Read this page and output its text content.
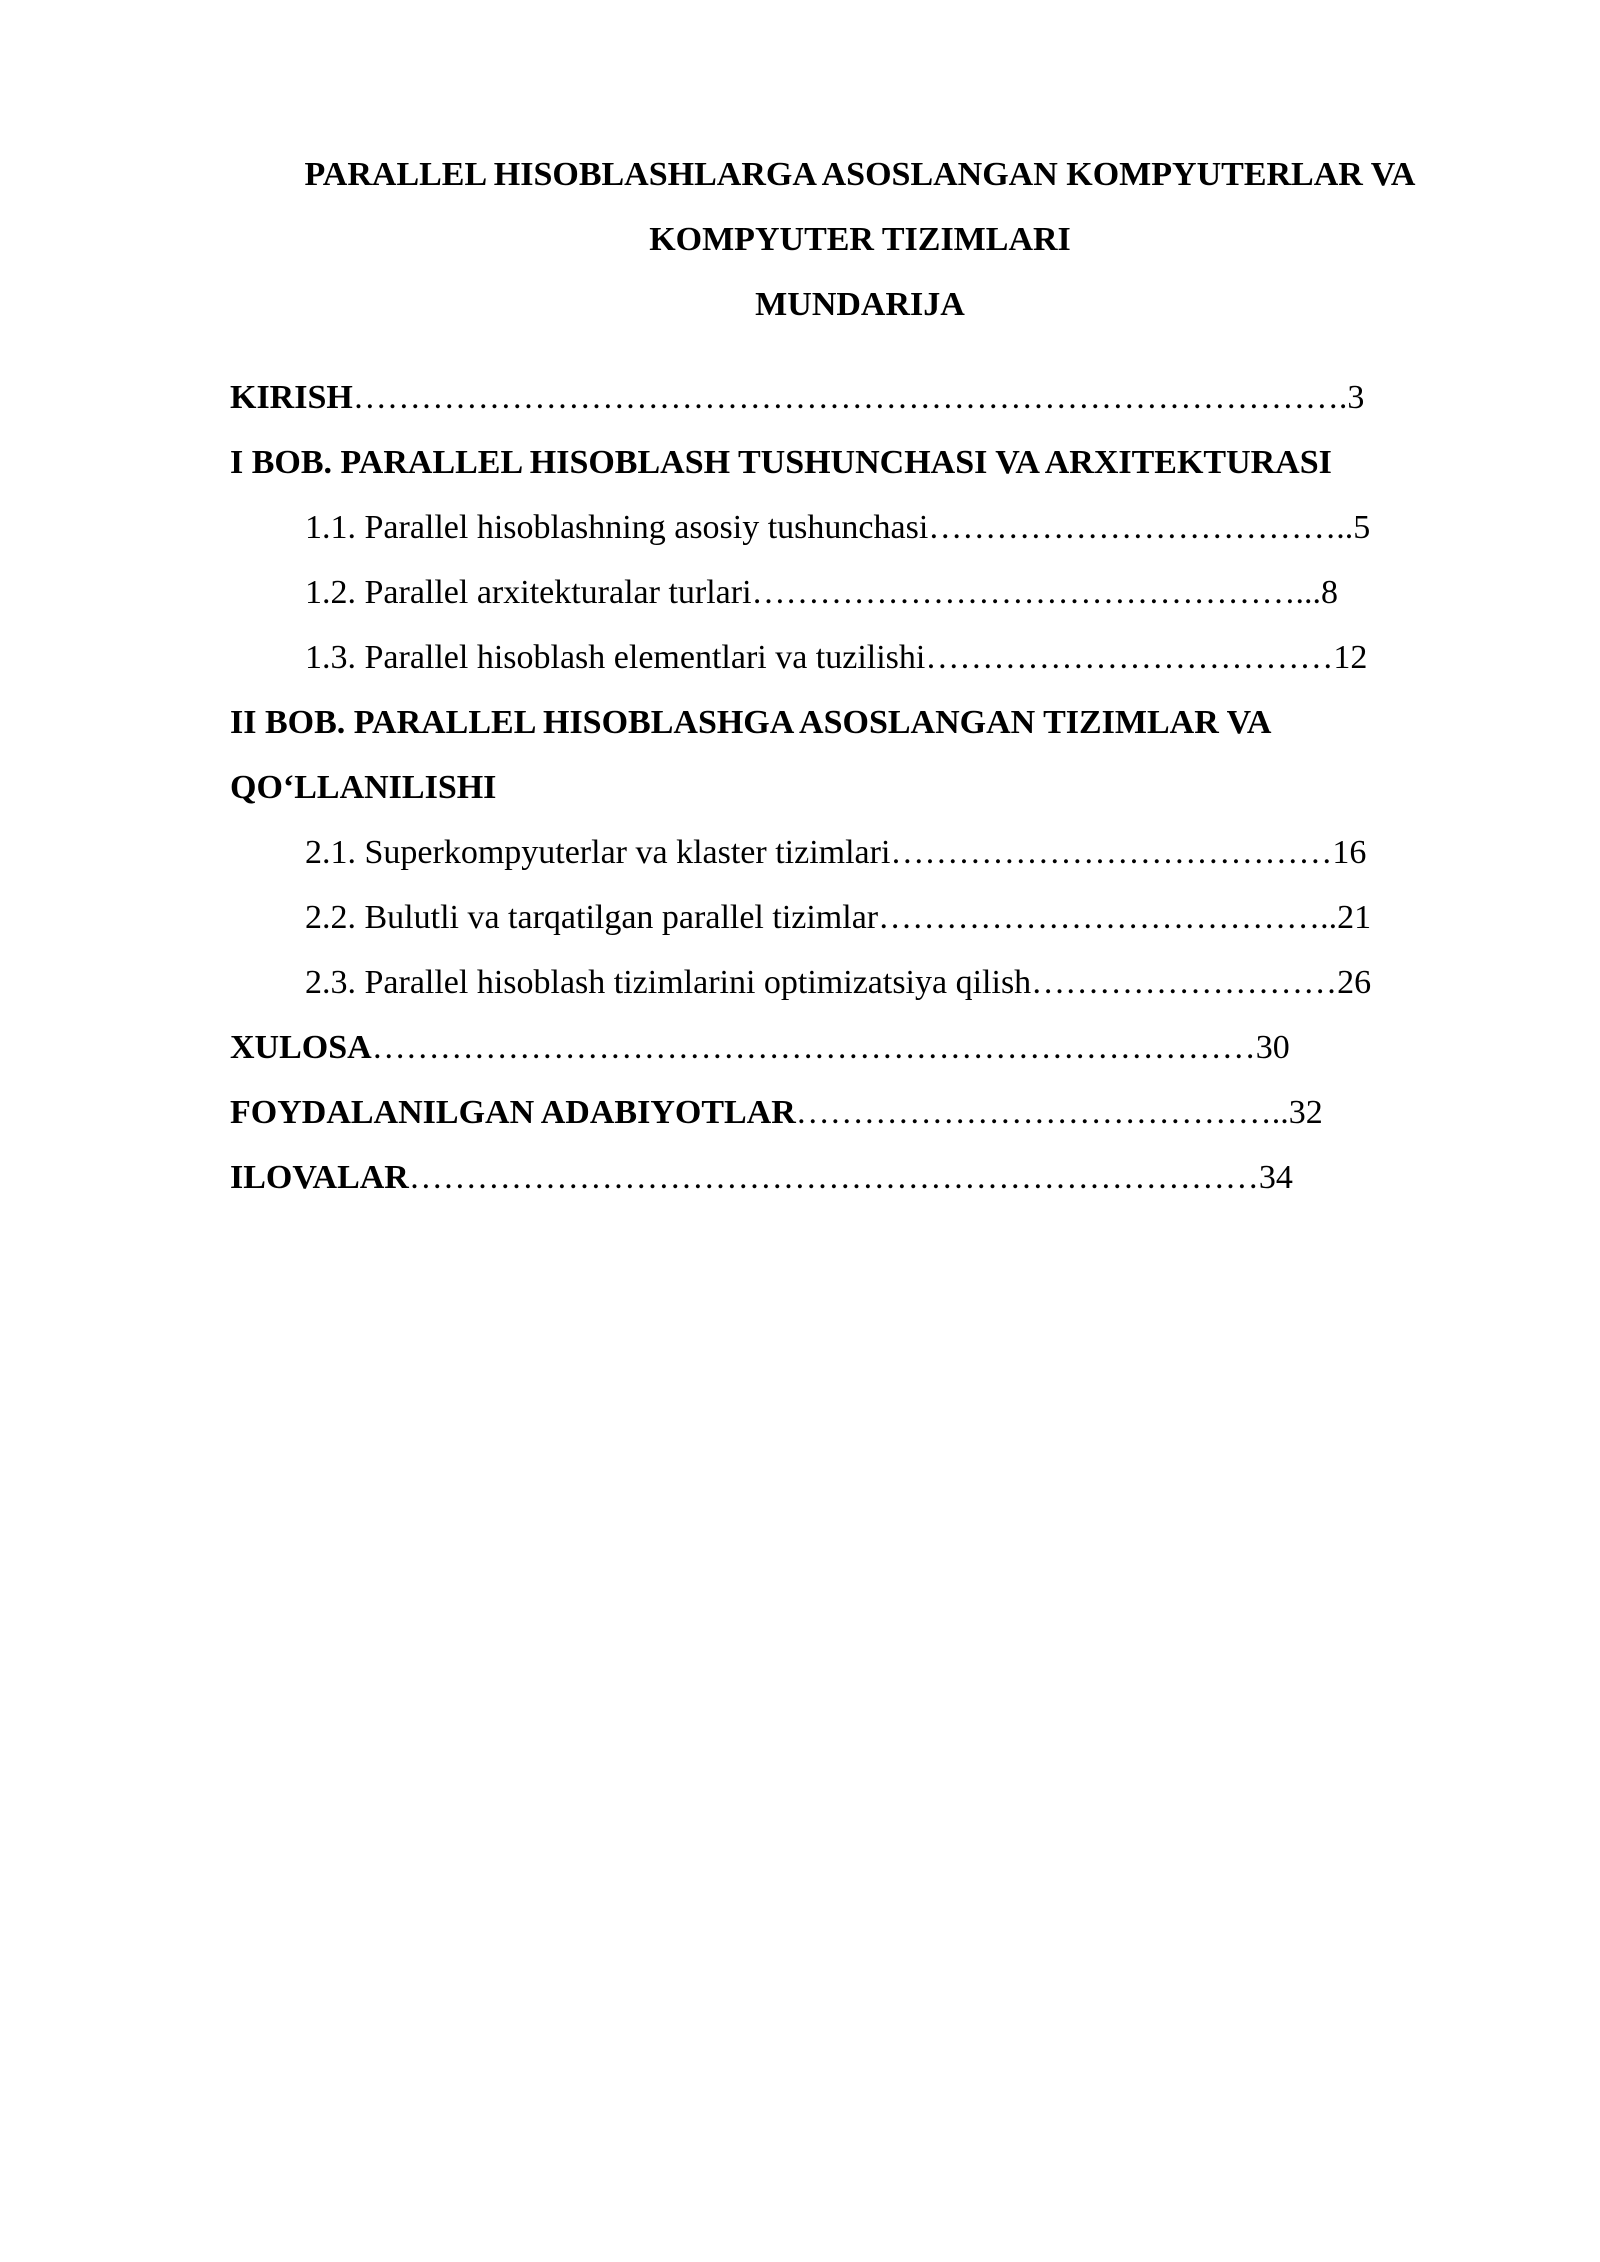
PARALLEL HISOBLASHLARGA ASOSLANGAN KOMPYUTERLAR VA
KOMPYUTER TIZIMLARI
MUNDARIJA
KIRISH…………………………………………………………………………….3
I BOB. PARALLEL HISOBLASH TUSHUNCHASI VA ARXITEKTURASI
1.1. Parallel hisoblashning asosiy tushunchasi………………………………..5
1.2. Parallel arxitekturalar turlari…………………………………………...8
1.3. Parallel hisoblash elementlari va tuzilishi………………………………12
II BOB. PARALLEL HISOBLASHGA ASOSLANGAN TIZIMLAR VA
QO‘LLANILISHI
2.1. Superkompyuterlar va klaster tizimlari…………………………………16
2.2. Bulutli va tarqatilgan parallel tizimlar…………………………………..21
2.3. Parallel hisoblash tizimlarini optimizatsiya qilish………………………26
XULOSA……………………………………………………………………30
FOYDALANILGAN ADABIYOTLAR……………………………………..32
ILOVALAR…………………………………………………………………34
